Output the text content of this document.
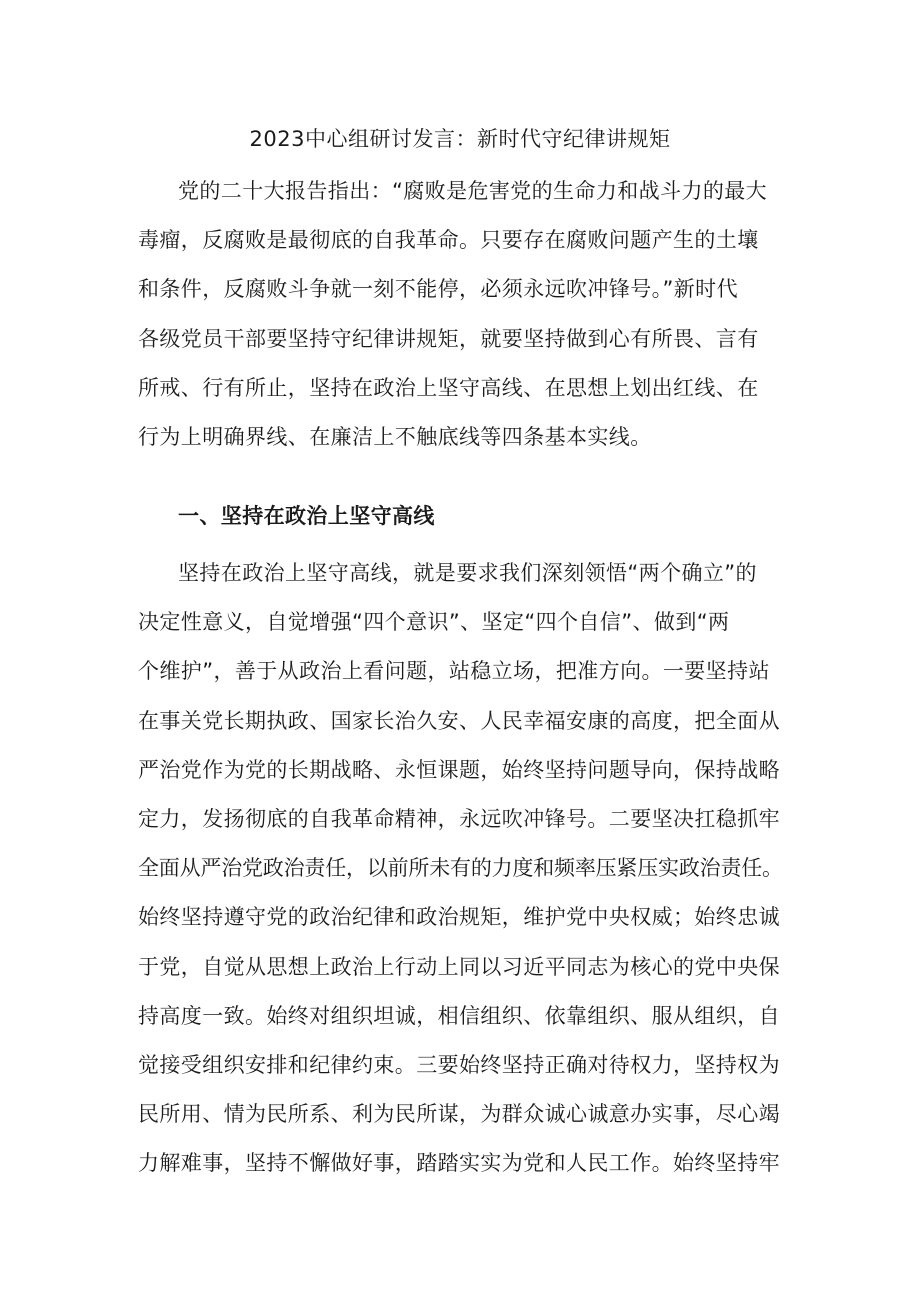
2023中心组研讨发言：新时代守纪律讲规矩
党的二十大报告指出：“腐败是危害党的生命力和战斗力的最大
毒瘤，反腐败是最彻底的自我革命。只要存在腐败问题产生的土壤
和条件，反腐败斗争就一刻不能停，必须永远吹冲锋号。”新时代
各级党员干部要坚持守纪律讲规矩，就要坚持做到心有所畏、言有
所戒、行有所止，坚持在政治上坚守高线、在思想上划出红线、在
行为上明确界线、在廉洁上不触底线等四条基本实线。
一、坚持在政治上坚守高线
坚持在政治上坚守高线，就是要求我们深刻领悟“两个确立”的
决定性意义，自觉增强“四个意识”、坚定“四个自信”、做到“两
个维护”，善于从政治上看问题，站稳立场，把准方向。一要坚持站
在事关党长期执政、国家长治久安、人民幸福安康的高度，把全面从
严治党作为党的长期战略、永恒课题，始终坚持问题导向，保持战略
定力，发扬彻底的自我革命精神，永远吹冲锋号。二要坚决扛稳抓牢
全面从严治党政治责任，以前所未有的力度和频率压紧压实政治责任。
始终坚持遵守党的政治纪律和政治规矩，维护党中央权威；始终忠诚
于党，自觉从思想上政治上行动上同以习近平同志为核心的党中央保
持高度一致。始终对组织坦诚，相信组织、依靠组织、服从组织，自
觉接受组织安排和纪律约束。三要始终坚持正确对待权力，坚持权为
民所用、情为民所系、利为民所谋，为群众诚心诚意办实事，尽心竭
力解难事，坚持不懈做好事，踏踏实实为党和人民工作。始终坚持牢
